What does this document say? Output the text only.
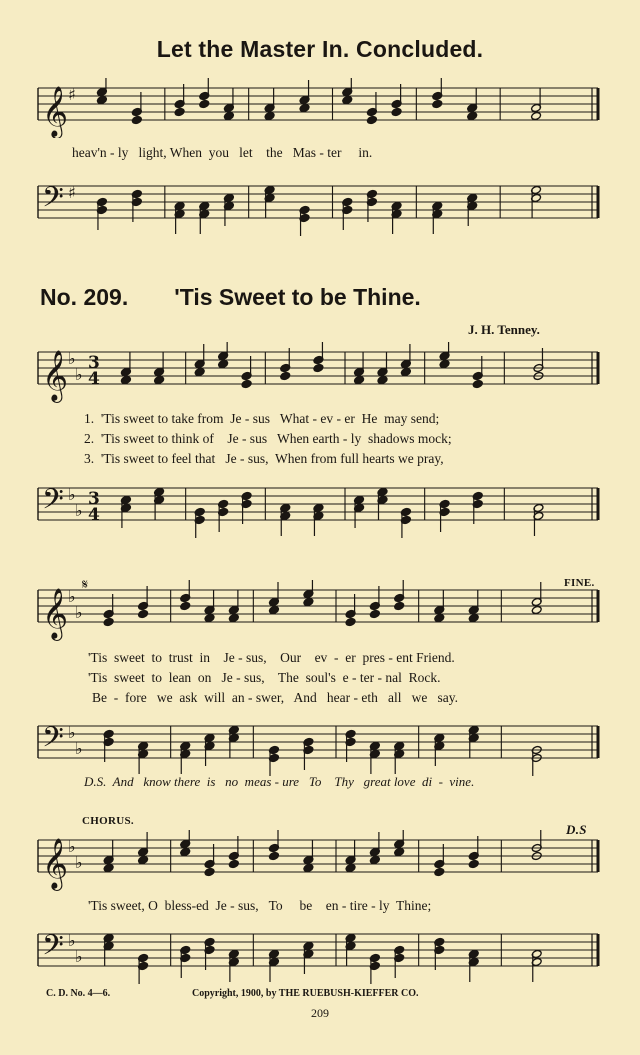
Let the Master In. Concluded.
𝄞 ♯
heav'n - ly   light, When  you   let    the   Mas - ter     in.
𝄢 ♯
No. 209. 'Tis Sweet to be Thine.
J. H. Tenney.
𝄞 ♭
♭
3
4
1.  'Tis sweet to take from  Je - sus   What - ev - er  He  may send;
2.  'Tis sweet to think of    Je - sus   When earth - ly  shadows mock;
3.  'Tis sweet to feel that   Je - sus,  When from full hearts we pray,
𝄢 ♭
♭
3
4
FINE.
𝄞 ♭
♭
𝄋
'Tis  sweet  to  trust  in    Je - sus,    Our    ev  -  er  pres - ent Friend.
'Tis  sweet  to  lean  on   Je - sus,    The  soul's  e - ter - nal  Rock.
Be  -  fore   we  ask  will  an - swer,   And   hear - eth   all   we   say.
𝄢 ♭
♭
D.S.  And   know there  is   no  meas - ure   To    Thy   great love  di  -  vine.
CHORUS.
D.S
𝄞 ♭
♭
'Tis sweet, O  bless-ed  Je - sus,   To     be    en - tire - ly  Thine;
𝄢 ♭
♭
C. D. No. 4—6.	Copyright, 1900, by THE RUEBUSH-KIEFFER CO.
209
